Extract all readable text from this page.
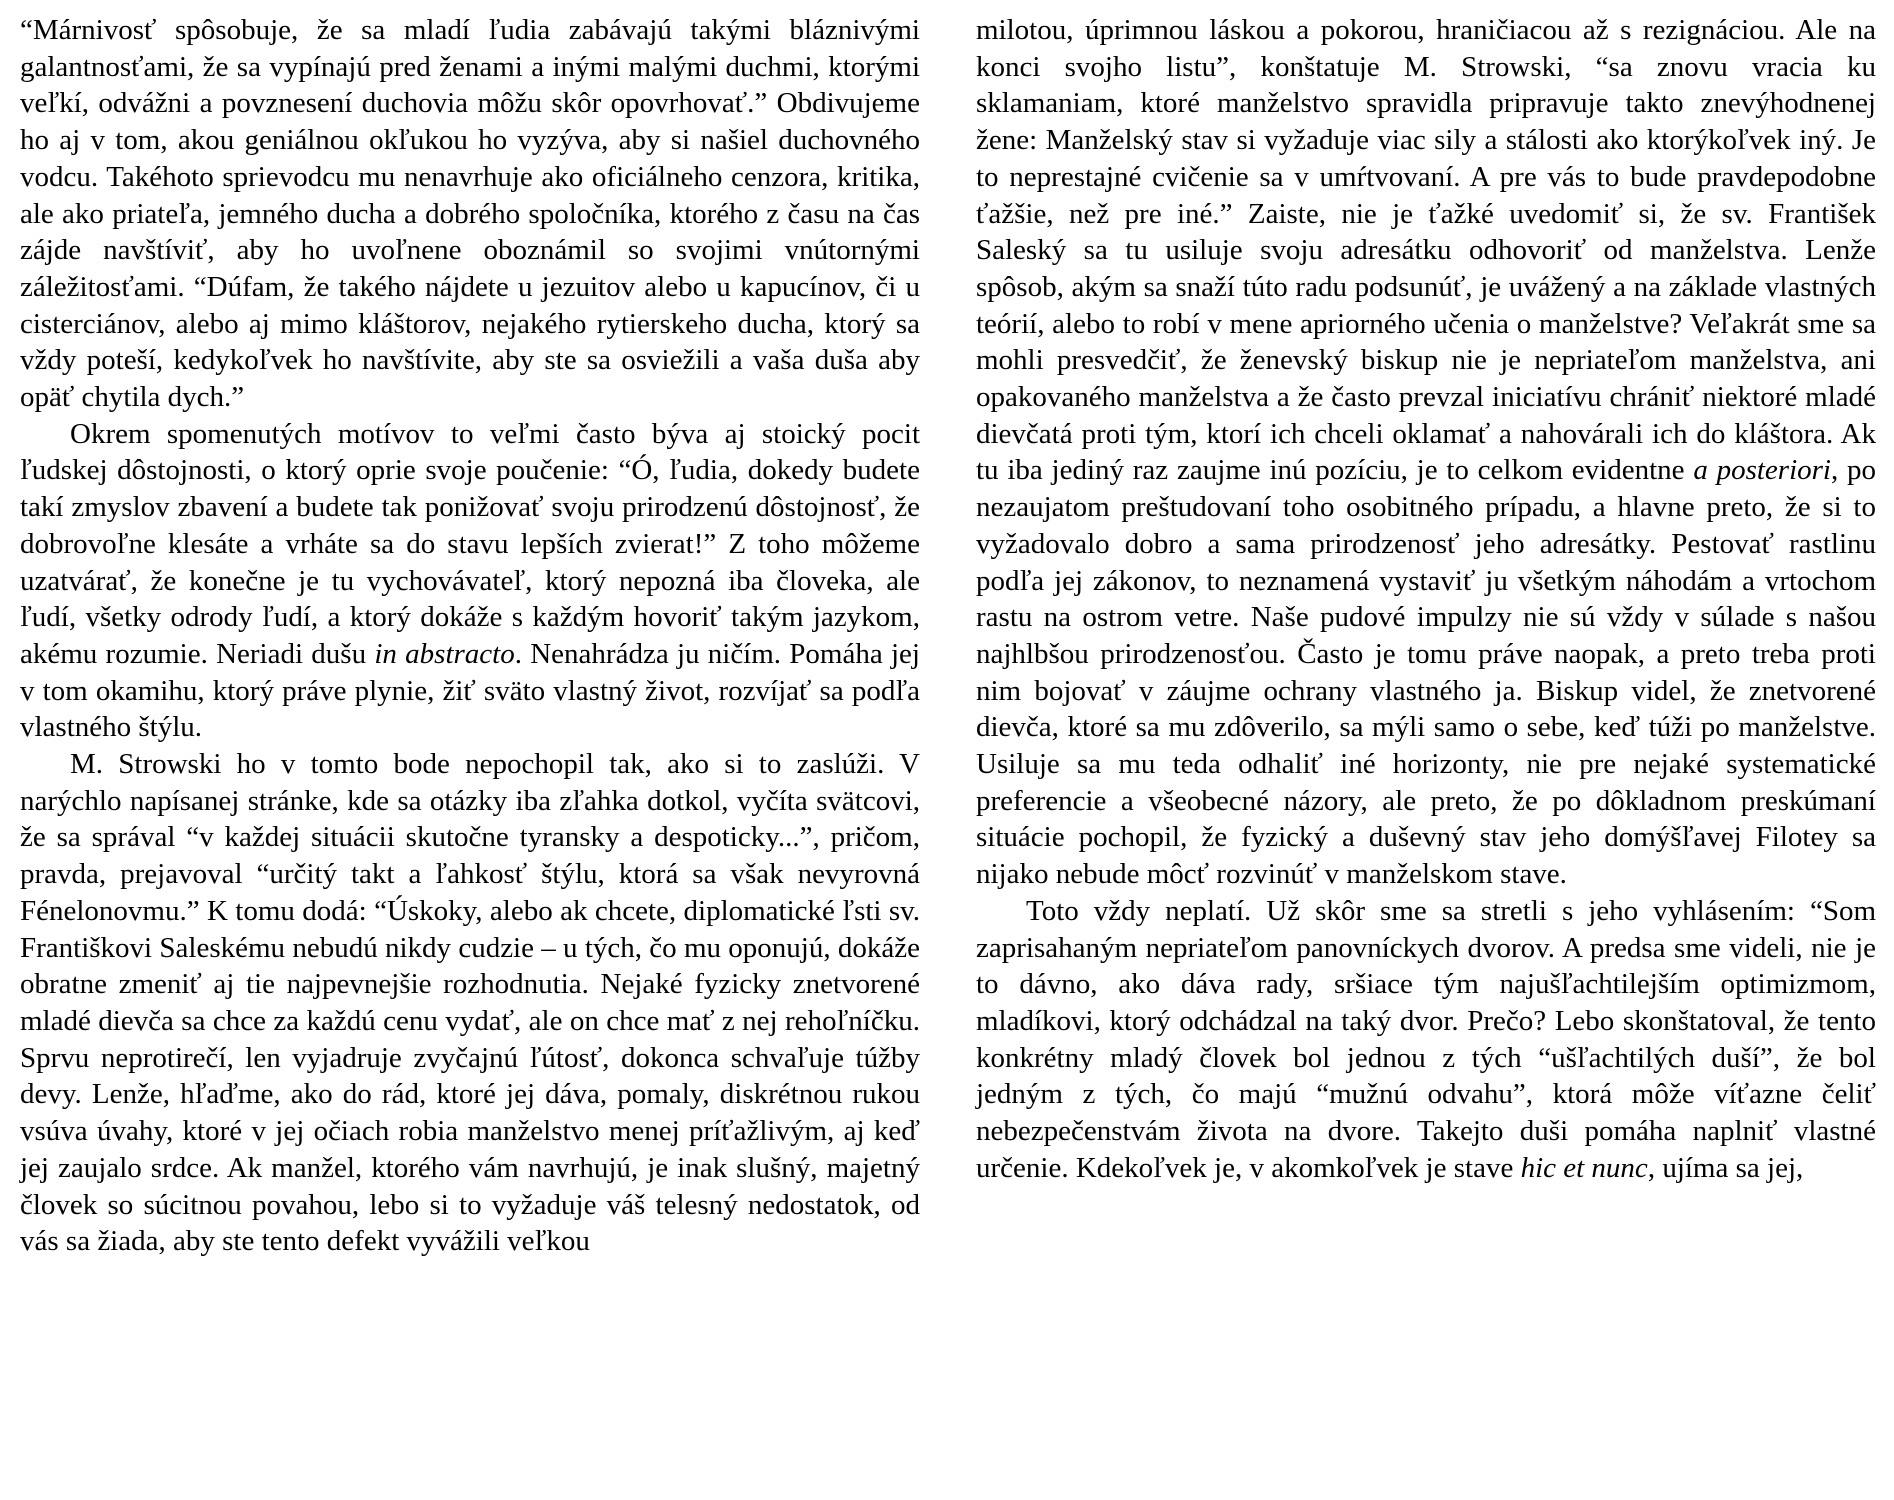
“Márnivosť spôsobuje, že sa mladí ľudia zabávajú takými bláznivými galantnosťami, že sa vypínajú pred ženami a inými malými duchmi, ktorými veľkí, odvážni a povznesení duchovia môžu skôr opovrhovať.” Obdivujeme ho aj v tom, akou geniálnou okľukou ho vyzýva, aby si našiel duchovného vodcu. Takéhoto sprievodcu mu nenavrhuje ako oficiálneho cenzora, kritika, ale ako priateľa, jemného ducha a dobrého spoločníka, ktorého z času na čas zájde navštíviť, aby ho uvoľnene oboznámil so svojimi vnútornými záležitosťami. “Dúfam, že takého nájdete u jezuitov alebo u kapucínov, či u cisterciánov, alebo aj mimo kláštorov, nejakého rytierskeho ducha, ktorý sa vždy poteší, kedykoľvek ho navštívite, aby ste sa osviežili a vaša duša aby opäť chytila dych.”

Okrem spomenutých motívov to veľmi často býva aj stoický pocit ľudskej dôstojnosti, o ktorý oprie svoje poučenie: “Ó, ľudia, dokedy budete takí zmyslov zbavení a budete tak ponižovať svoju prirodzenú dôstojnosť, že dobrovoľne klesáte a vrháte sa do stavu lepších zvierat!” Z toho môžeme uzatvárať, že konečne je tu vychovávateľ, ktorý nepozná iba človeka, ale ľudí, všetky odrody ľudí, a ktorý dokáže s každým hovoriť takým jazykom, akému rozumie. Neriadi dušu in abstracto. Nenahrádza ju ničím. Pomáha jej v tom okamihu, ktorý práve plynie, žiť sväto vlastný život, rozvíjať sa podľa vlastného štýlu.

M. Strowski ho v tomto bode nepochopil tak, ako si to zaslúži. V narýchlo napísanej stránke, kde sa otázky iba zľahka dotkol, vyčíta svätcovi, že sa správal “v každej situácii skutočne tyransky a despoticky...”, pričom, pravda, prejavoval “určitý takt a ľahkosť štýlu, ktorá sa však nevyrovná Fénelonovmu.” K tomu dodá: “Úskoky, alebo ak chcete, diplomatické ľsti sv. Františkovi Saleskému nebudú nikdy cudzie – u tých, čo mu oponujú, dokáže obratne zmeniť aj tie najpevnejšie rozhodnutia. Nejaké fyzicky znetvorené mladé dievča sa chce za každú cenu vydať, ale on chce mať z nej rehoľníčku. Sprvu neprotirečí, len vyjadruje zvyčajnú ľútosť, dokonca schvaľuje túžby devy. Lenže, hľaďme, ako do rád, ktoré jej dáva, pomaly, diskrétnou rukou vsúva úvahy, ktoré v jej očiach robia manželstvo menej príťažlivým, aj keď jej zaujalo srdce. Ak manžel, ktorého vám navrhujú, je inak slušný, majetný človek so súcitnou povahou, lebo si to vyžaduje váš telesný nedostatok, od vás sa žiada, aby ste tento defekt vyvážili veľkou

milotou, úprimnou láskou a pokorou, hraničiacou až s rezignáciou. Ale na konci svojho listu”, konštatuje M. Strowski, “sa znovu vracia ku sklamaniam, ktoré manželstvo spravidla pripravuje takto znevýhodnenej žene: Manželský stav si vyžaduje viac sily a stálosti ako ktorýkoľvek iný. Je to neprestajné cvičenie sa v umŕtvovaní. A pre vás to bude pravdepodobne ťažšie, než pre iné.” Zaiste, nie je ťažké uvedomiť si, že sv. František Saleský sa tu usiluje svoju adresátku odhovoriť od manželstva. Lenže spôsob, akým sa snaží túto radu podsunúť, je uvážený a na základe vlastných teórií, alebo to robí v mene apriorného učenia o manželstve? Veľakrát sme sa mohli presvedčiť, že ženevský biskup nie je nepriateľom manželstva, ani opakovaného manželstva a že často prevzal iniciatívu chrániť niektoré mladé dievčatá proti tým, ktorí ich chceli oklamať a nahovárali ich do kláštora. Ak tu iba jediný raz zaujme inú pozíciu, je to celkom evidentne a posteriori, po nezaujatom preštudovaní toho osobitného prípadu, a hlavne preto, že si to vyžadovalo dobro a sama prirodzenosť jeho adresátky. Pestovať rastlinu podľa jej zákonov, to neznamená vystaviť ju všetkým náhodám a vrtochom rastu na ostrom vetre. Naše pudové impulzy nie sú vždy v súlade s našou najhlbšou prirodzenosťou. Často je tomu práve naopak, a preto treba proti nim bojovať v záujme ochrany vlastného ja. Biskup videl, že znetvorené dievča, ktoré sa mu zdôverilo, sa mýli samo o sebe, keď túži po manželstve. Usiluje sa mu teda odhaliť iné horizonty, nie pre nejaké systematické preferencie a všeobecné názory, ale preto, že po dôkladnom preskúmaní situácie pochopil, že fyzický a duševný stav jeho domýšľavej Filotey sa nijako nebude môcť rozvinúť v manželskom stave.

Toto vždy neplatí. Už skôr sme sa stretli s jeho vyhlásením: “Som zaprisahaným nepriateľom panovníckych dvorov. A predsa sme videli, nie je to dávno, ako dáva rady, sršiace tým najušľachtilejším optimizmom, mladíkovi, ktorý odchádzal na taký dvor. Prečo? Lebo skonštatoval, že tento konkrétny mladý človek bol jednou z tých “ušľachtilých duší”, že bol jedným z tých, čo majú “mužnú odvahu”, ktorá môže víťazne čeliť nebezpečenstvám života na dvore. Takejto duši pomáha naplniť vlastné určenie. Kdekoľvek je, v akomkoľvek je stave hic et nunc, ujíma sa jej,
